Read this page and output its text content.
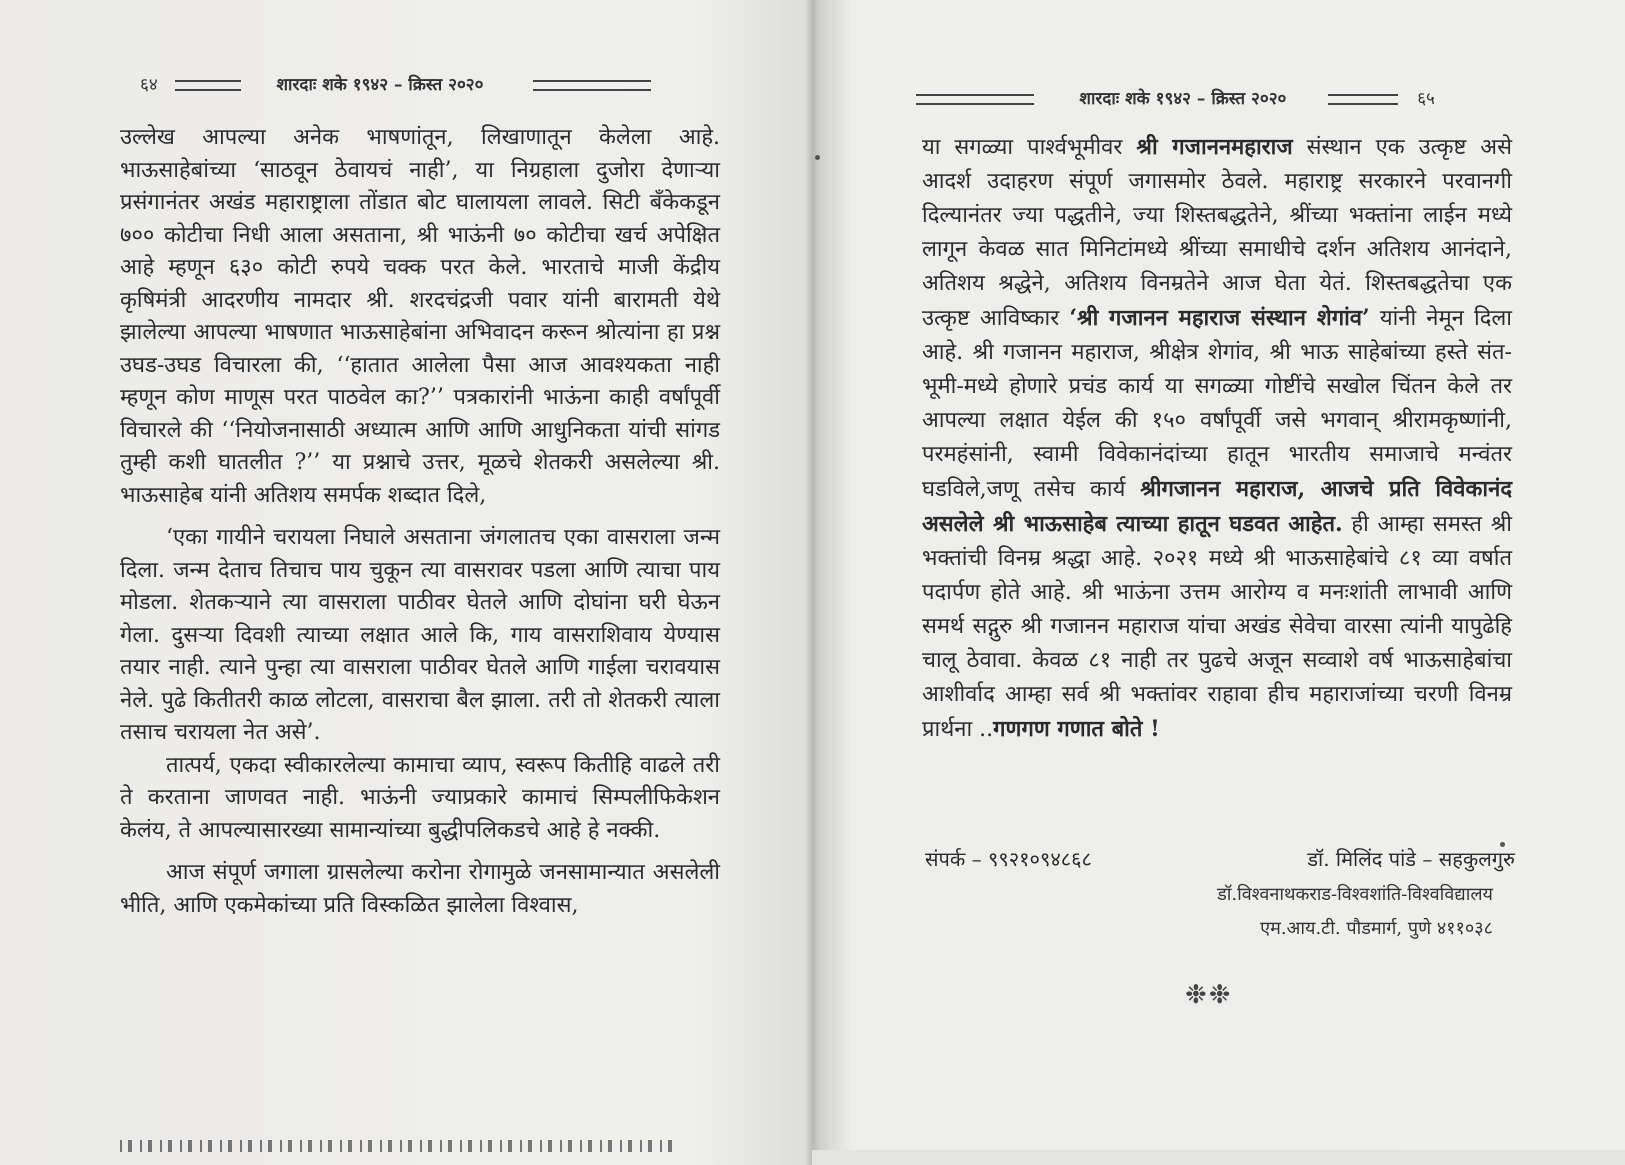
६४	शारदाः शके १९४२ – क्रिस्त २०२०

उल्लेख आपल्या अनेक भाषणांतून, लिखाणातून केलेला आहे. भाऊसाहेबांच्या ‘साठवून ठेवायचं नाही’, या निग्रहाला दुजोरा देणाऱ्या प्रसंगानंतर अखंड महाराष्ट्राला तोंडात बोट घालायला लावले. सिटी बँकेकडून ७०० कोटीचा निधी आला असताना, श्री भाऊंनी ७० कोटीचा खर्च अपेक्षित आहे म्हणून ६३० कोटी रुपये चक्क परत केले. भारताचे माजी केंद्रीय कृषिमंत्री आदरणीय नामदार श्री. शरदचंद्रजी पवार यांनी बारामती येथे झालेल्या आपल्या भाषणात भाऊसाहेबांना अभिवादन करून श्रोत्यांना हा प्रश्न उघड-उघड विचारला की, ‘‘हातात आलेला पैसा आज आवश्यकता नाही म्हणून कोण माणूस परत पाठवेल का?’’ पत्रकारांनी भाऊंना काही वर्षांपूर्वी विचारले की ‘‘नियोजनासाठी अध्यात्म आणि आणि आधुनिकता यांची सांगड तुम्ही कशी घातलीत ?’’ या प्रश्नाचे उत्तर, मूळचे शेतकरी असलेल्या श्री. भाऊसाहेब यांनी अतिशय समर्पक शब्दात दिले,

‘एका गायीने चरायला निघाले असताना जंगलातच एका वासराला जन्म दिला. जन्म देताच तिचाच पाय चुकून त्या वासरावर पडला आणि त्याचा पाय मोडला. शेतकऱ्याने त्या वासराला पाठीवर घेतले आणि दोघांना घरी घेऊन गेला. दुसऱ्या दिवशी त्याच्या लक्षात आले कि, गाय वासराशिवाय येण्यास तयार नाही. त्याने पुन्हा त्या वासराला पाठीवर घेतले आणि गाईला चरावयास नेले. पुढे कितीतरी काळ लोटला, वासराचा बैल झाला. तरी तो शेतकरी त्याला तसाच चरायला नेत असे’.

तात्पर्य, एकदा स्वीकारलेल्या कामाचा व्याप, स्वरूप कितीहि वाढले तरी ते करताना जाणवत नाही. भाऊंनी ज्याप्रकारे कामाचं सिम्पलीफिकेशन केलंय, ते आपल्यासारख्या सामान्यांच्या बुद्धीपलिकडचे आहे हे नक्की.

आज संपूर्ण जगाला ग्रासलेल्या करोना रोगामुळे जनसामान्यात असलेली भीति, आणि एकमेकांच्या प्रति विस्कळित झालेला विश्वास,

शारदाः शके १९४२ – क्रिस्त २०२०	६५

या सगळ्या पार्श्वभूमीवर श्री गजाननमहाराज संस्थान एक उत्कृष्ट असे आदर्श उदाहरण संपूर्ण जगासमोर ठेवले. महाराष्ट्र सरकारने परवानगी दिल्यानंतर ज्या पद्धतीने, ज्या शिस्तबद्धतेने, श्रींच्या भक्तांना लाईन मध्ये लागून केवळ सात मिनिटांमध्ये श्रींच्या समाधीचे दर्शन अतिशय आनंदाने, अतिशय श्रद्धेने, अतिशय विनम्रतेने आज घेता येतं. शिस्तबद्धतेचा एक उत्कृष्ट आविष्कार ‘श्री गजानन महाराज संस्थान शेगांव’ यांनी नेमून दिला आहे. श्री गजानन महाराज, श्रीक्षेत्र शेगांव, श्री भाऊ साहेबांच्या हस्ते संत-भूमी-मध्ये होणारे प्रचंड कार्य या सगळ्या गोष्टींचे सखोल चिंतन केले तर आपल्या लक्षात येईल की १५० वर्षांपूर्वी जसे भगवान् श्रीरामकृष्णांनी, परमहंसांनी, स्वामी विवेकानंदांच्या हातून भारतीय समाजाचे मन्वंतर घडविले,जणू तसेच कार्य श्रीगजानन महाराज, आजचे प्रति विवेकानंद असलेले श्री भाऊसाहेब त्याच्या हातून घडवत आहेत. ही आम्हा समस्त श्री भक्तांची विनम्र श्रद्धा आहे. २०२१ मध्ये श्री भाऊसाहेबांचे ८१ व्या वर्षात पदार्पण होते आहे. श्री भाऊंना उत्तम आरोग्य व मनःशांती लाभावी आणि समर्थ सद्गुरु श्री गजानन महाराज यांचा अखंड सेवेचा वारसा त्यांनी यापुढेहि चालू ठेवावा. केवळ ८१ नाही तर पुढचे अजून सव्वाशे वर्ष भाऊसाहेबांचा आशीर्वाद आम्हा सर्व श्री भक्तांवर राहावा हीच महाराजांच्या चरणी विनम्र प्रार्थना ..गणगण गणात बोते !

संपर्क – ९९२१०९४८६८	डॉ. मिलिंद पांडे – सहकुलगुरु
डॉ.विश्वनाथकराड-विश्वशांति-विश्वविद्यालय
एम.आय.टी. पौडमार्ग, पुणे ४११०३८
❉❉
